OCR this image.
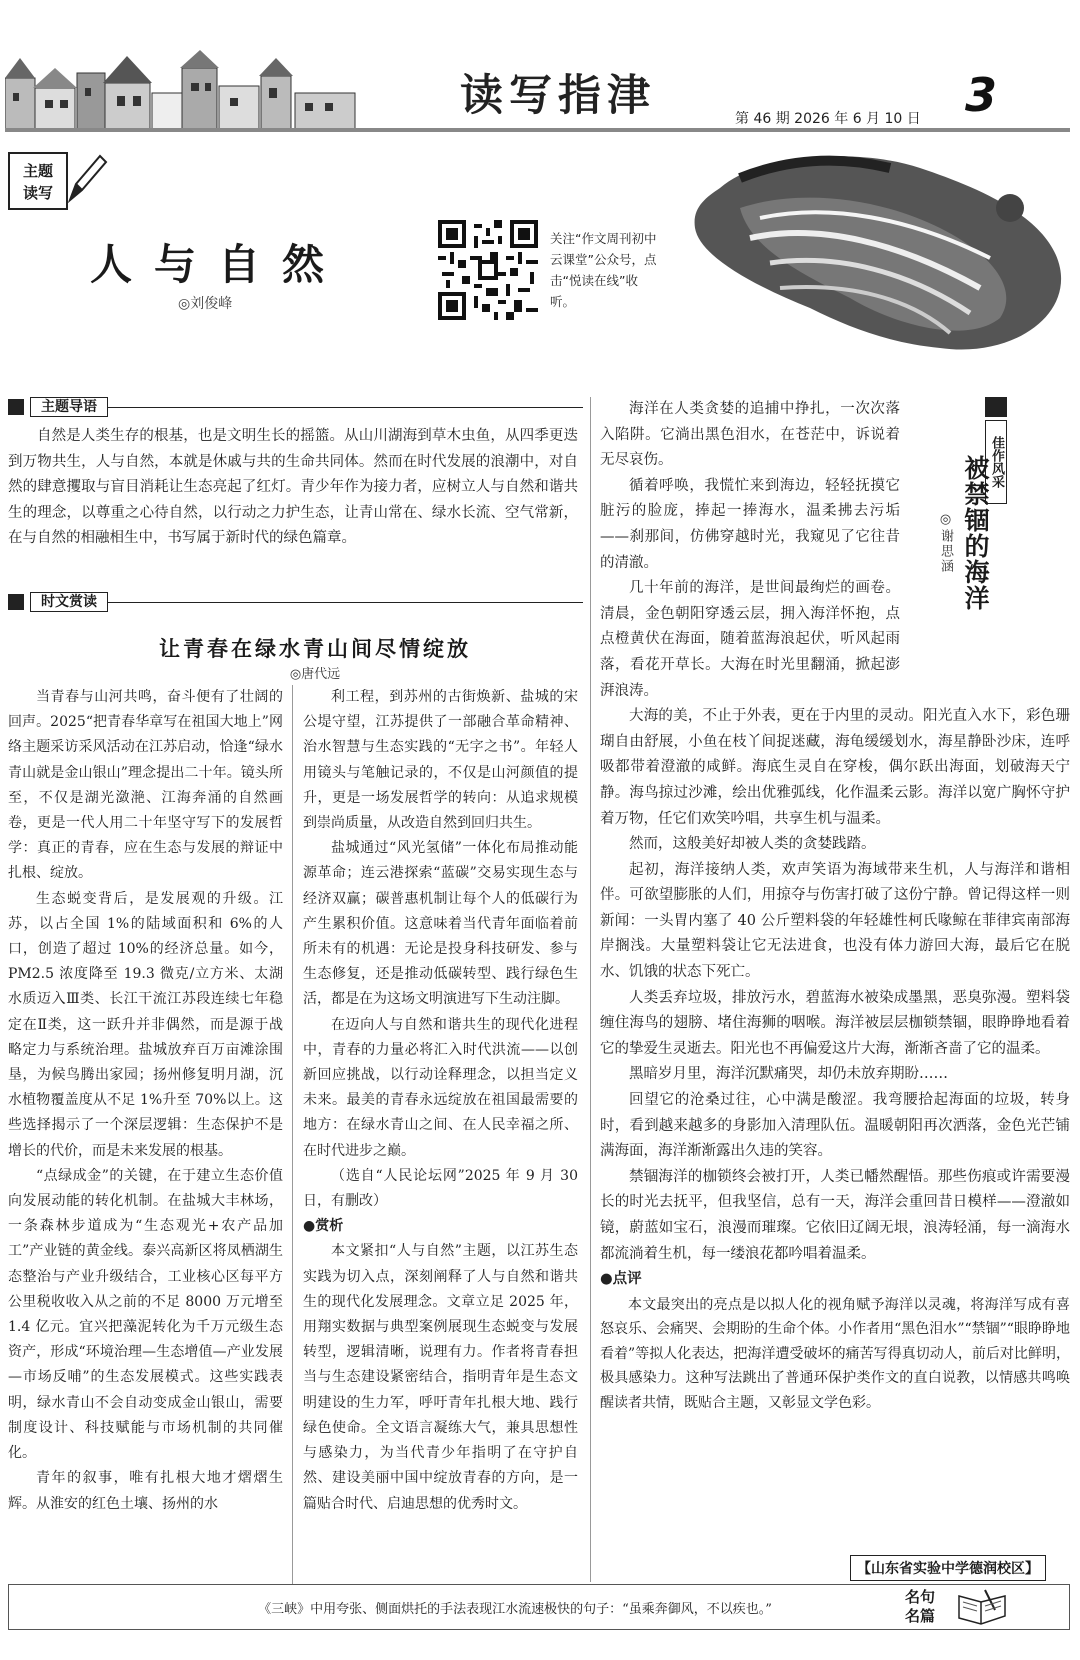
读写指津	第 46 期 2026 年 6 月 10 日 3
主题
读写
人与自然
◎刘俊峰
关注“作文周刊初中云课堂”公众号，点击“悦读在线”收听。
主题导语

自然是人类生存的根基，也是文明生长的摇篮。从山川湖海到草木虫鱼，从四季更迭到万物共生，人与自然，本就是休戚与共的生命共同体。然而在时代发展的浪潮中，对自然的肆意攫取与盲目消耗让生态亮起了红灯。青少年作为接力者，应树立人与自然和谐共生的理念，以尊重之心待自然，以行动之力护生态，让青山常在、绿水长流、空气常新，在与自然的相融相生中，书写属于新时代的绿色篇章。

时文赏读
让青春在绿水青山间尽情绽放
◎唐代远

当青春与山河共鸣，奋斗便有了壮阔的回声。2025“把青春华章写在祖国大地上”网络主题采访采风活动在江苏启动，恰逢“绿水青山就是金山银山”理念提出二十年。镜头所至，不仅是湖光潋滟、江海奔涌的自然画卷，更是一代人用二十年坚守写下的发展哲学：真正的青春，应在生态与发展的辩证中扎根、绽放。

生态蜕变背后，是发展观的升级。江苏，以占全国 1%的陆域面积和 6%的人口，创造了超过 10%的经济总量。如今，PM2.5 浓度降至 19.3 微克/立方米、太湖水质迈入Ⅲ类、长江干流江苏段连续七年稳定在Ⅱ类，这一跃升并非偶然，而是源于战略定力与系统治理。盐城放弃百万亩滩涂围垦，为候鸟腾出家园；扬州修复明月湖，沉水植物覆盖度从不足 1%升至 70%以上。这些选择揭示了一个深层逻辑：生态保护不是增长的代价，而是未来发展的根基。

“点绿成金”的关键，在于建立生态价值向发展动能的转化机制。在盐城大丰林场，一条森林步道成为“生态观光+农产品加工”产业链的黄金线。泰兴高新区将凤栖湖生态整治与产业升级结合，工业核心区每平方公里税收收入从之前的不足 8000 万元增至 1.4 亿元。宜兴把藻泥转化为千万元级生态资产，形成“环境治理—生态增值—产业发展—市场反哺”的生态发展模式。这些实践表明，绿水青山不会自动变成金山银山，需要制度设计、科技赋能与市场机制的共同催化。

青年的叙事，唯有扎根大地才熠熠生辉。从淮安的红色土壤、扬州的水

利工程，到苏州的古街焕新、盐城的宋公堤守望，江苏提供了一部融合革命精神、治水智慧与生态实践的“无字之书”。年轻人用镜头与笔触记录的，不仅是山河颜值的提升，更是一场发展哲学的转向：从追求规模到崇尚质量，从改造自然到回归共生。

盐城通过“风光氢储”一体化布局推动能源革命；连云港探索“蓝碳”交易实现生态与经济双赢；碳普惠机制让每个人的低碳行为产生累积价值。这意味着当代青年面临着前所未有的机遇：无论是投身科技研发、参与生态修复，还是推动低碳转型、践行绿色生活，都是在为这场文明演进写下生动注脚。

在迈向人与自然和谐共生的现代化进程中，青春的力量必将汇入时代洪流——以创新回应挑战，以行动诠释理念，以担当定义未来。最美的青春永远绽放在祖国最需要的地方：在绿水青山之间、在人民幸福之所、在时代进步之巅。

（选自“人民论坛网”2025 年 9 月 30 日，有删改）

●赏析

本文紧扣“人与自然”主题，以江苏生态实践为切入点，深刻阐释了人与自然和谐共生的现代化发展理念。文章立足 2025 年，用翔实数据与典型案例展现生态蜕变与发展转型，逻辑清晰，说理有力。作者将青春担当与生态建设紧密结合，指明青年是生态文明建设的生力军，呼吁青年扎根大地、践行绿色使命。全文语言凝练大气，兼具思想性与感染力，为当代青少年指明了在守护自然、建设美丽中国中绽放青春的方向，是一篇贴合时代、启迪思想的优秀时文。

佳作风采
被禁锢的海洋
◎谢思涵

海洋在人类贪婪的追捕中挣扎，一次次落入陷阱。它淌出黑色泪水，在苍茫中，诉说着无尽哀伤。

循着呼唤，我慌忙来到海边，轻轻抚摸它脏污的脸庞，捧起一捧海水，温柔拂去污垢——刹那间，仿佛穿越时光，我窥见了它往昔的清澈。

几十年前的海洋，是世间最绚烂的画卷。清晨，金色朝阳穿透云层，拥入海洋怀抱，点点橙黄伏在海面，随着蓝海浪起伏，听风起雨落，看花开草长。大海在时光里翻涌，掀起澎湃浪涛。

大海的美，不止于外表，更在于内里的灵动。阳光直入水下，彩色珊瑚自由舒展，小鱼在枝丫间捉迷藏，海龟缓缓划水，海星静卧沙床，连呼吸都带着澄澈的咸鲜。海底生灵自在穿梭，偶尔跃出海面，划破海天宁静。海鸟掠过沙滩，绘出优雅弧线，化作温柔云影。海洋以宽广胸怀守护着万物，任它们欢笑吟唱，共享生机与温柔。

然而，这般美好却被人类的贪婪践踏。

起初，海洋接纳人类，欢声笑语为海域带来生机，人与海洋和谐相伴。可欲望膨胀的人们，用掠夺与伤害打破了这份宁静。曾记得这样一则新闻：一头胃内塞了 40 公斤塑料袋的年轻雄性柯氏喙鲸在菲律宾南部海岸搁浅。大量塑料袋让它无法进食，也没有体力游回大海，最后它在脱水、饥饿的状态下死亡。

人类丢弃垃圾，排放污水，碧蓝海水被染成墨黑，恶臭弥漫。塑料袋缠住海鸟的翅膀、堵住海狮的咽喉。海洋被层层枷锁禁锢，眼睁睁地看着它的挚爱生灵逝去。阳光也不再偏爱这片大海，渐渐吝啬了它的温柔。

黑暗岁月里，海洋沉默痛哭，却仍未放弃期盼……

回望它的沧桑过往，心中满是酸涩。我弯腰拾起海面的垃圾，转身时，看到越来越多的身影加入清理队伍。温暖朝阳再次洒落，金色光芒铺满海面，海洋渐渐露出久违的笑容。

禁锢海洋的枷锁终会被打开，人类已幡然醒悟。那些伤痕或许需要漫长的时光去抚平，但我坚信，总有一天，海洋会重回昔日模样——澄澈如镜，蔚蓝如宝石，浪漫而璀璨。它依旧辽阔无垠，浪涛轻涌，每一滴海水都流淌着生机，每一缕浪花都吟唱着温柔。

●点评

本文最突出的亮点是以拟人化的视角赋予海洋以灵魂，将海洋写成有喜怒哀乐、会痛哭、会期盼的生命个体。小作者用“黑色泪水”“禁锢”“眼睁睁地看着”等拟人化表达，把海洋遭受破坏的痛苦写得真切动人，前后对比鲜明，极具感染力。这种写法跳出了普通环保护类作文的直白说教，以情感共鸣唤醒读者共情，既贴合主题，又彰显文学色彩。

【山东省实验中学德润校区】
《三峡》中用夸张、侧面烘托的手法表现江水流速极快的句子：“虽乘奔御风，不以疾也。”
名句
名篇
